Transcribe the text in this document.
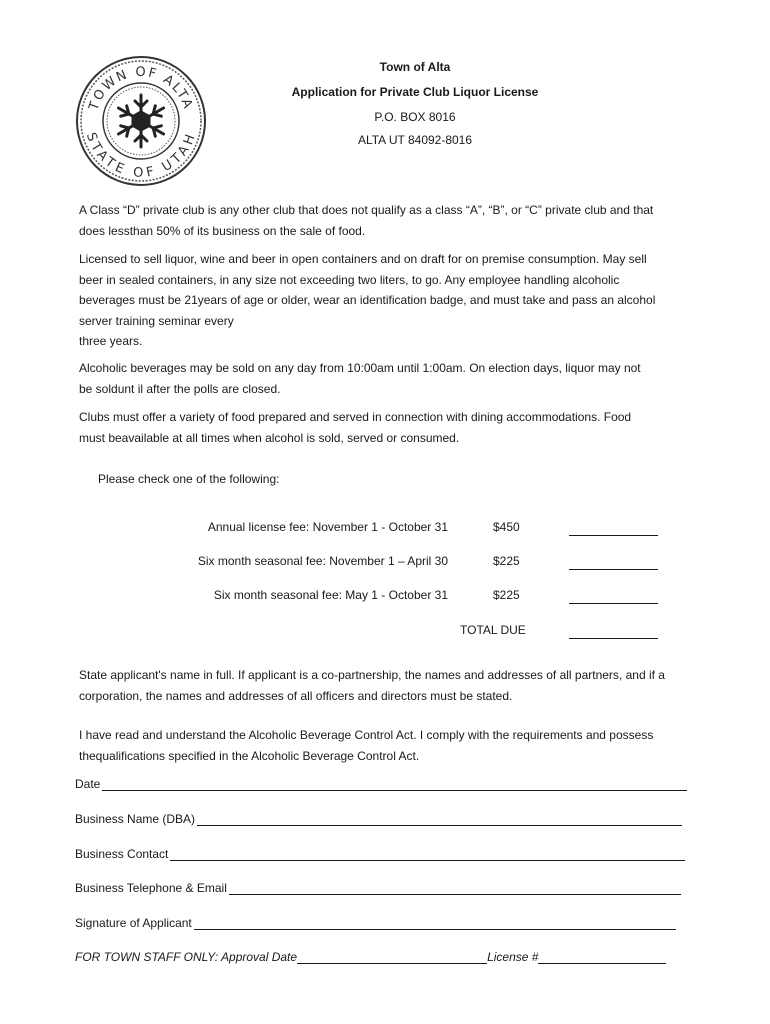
TOWN OF ALTA
STATE OF UTAH
Town of Alta
Application for Private Club Liquor License
P.O. BOX 8016
ALTA UT 84092-8016
A Class “D” private club is any other club that does not qualify as a class “A”, “B”, or “C” private club and that
does lessthan 50% of its business on the sale of food.
Licensed to sell liquor, wine and beer in open containers and on draft for on premise consumption. May sell
beer in sealed containers, in any size not exceeding two liters, to go. Any employee handling alcoholic
beverages must be 21years of age or older, wear an identification badge, and must take and pass an alcohol
server training seminar every
three years.
Alcoholic beverages may be sold on any day from 10:00am until 1:00am. On election days, liquor may not
be soldunt il after the polls are closed.
Clubs must offer a variety of food prepared and served in connection with dining accommodations. Food
must beavailable at all times when alcohol is sold, served or consumed.
Please check one of the following:
Annual license fee: November 1 - October 31	$450
Six month seasonal fee: November 1 – April 30	$225
Six month seasonal fee: May 1 - October 31	$225
TOTAL DUE
State applicant's name in full. If applicant is a co-partnership, the names and addresses of all partners, and if a
corporation, the names and addresses of all officers and directors must be stated.
I have read and understand the Alcoholic Beverage Control Act. I comply with the requirements and possess
thequalifications specified in the Alcoholic Beverage Control Act.
Date
Business Name (DBA)
Business Contact
Business Telephone & Email
Signature of Applicant
FOR TOWN STAFF ONLY: Approval Date	License #
